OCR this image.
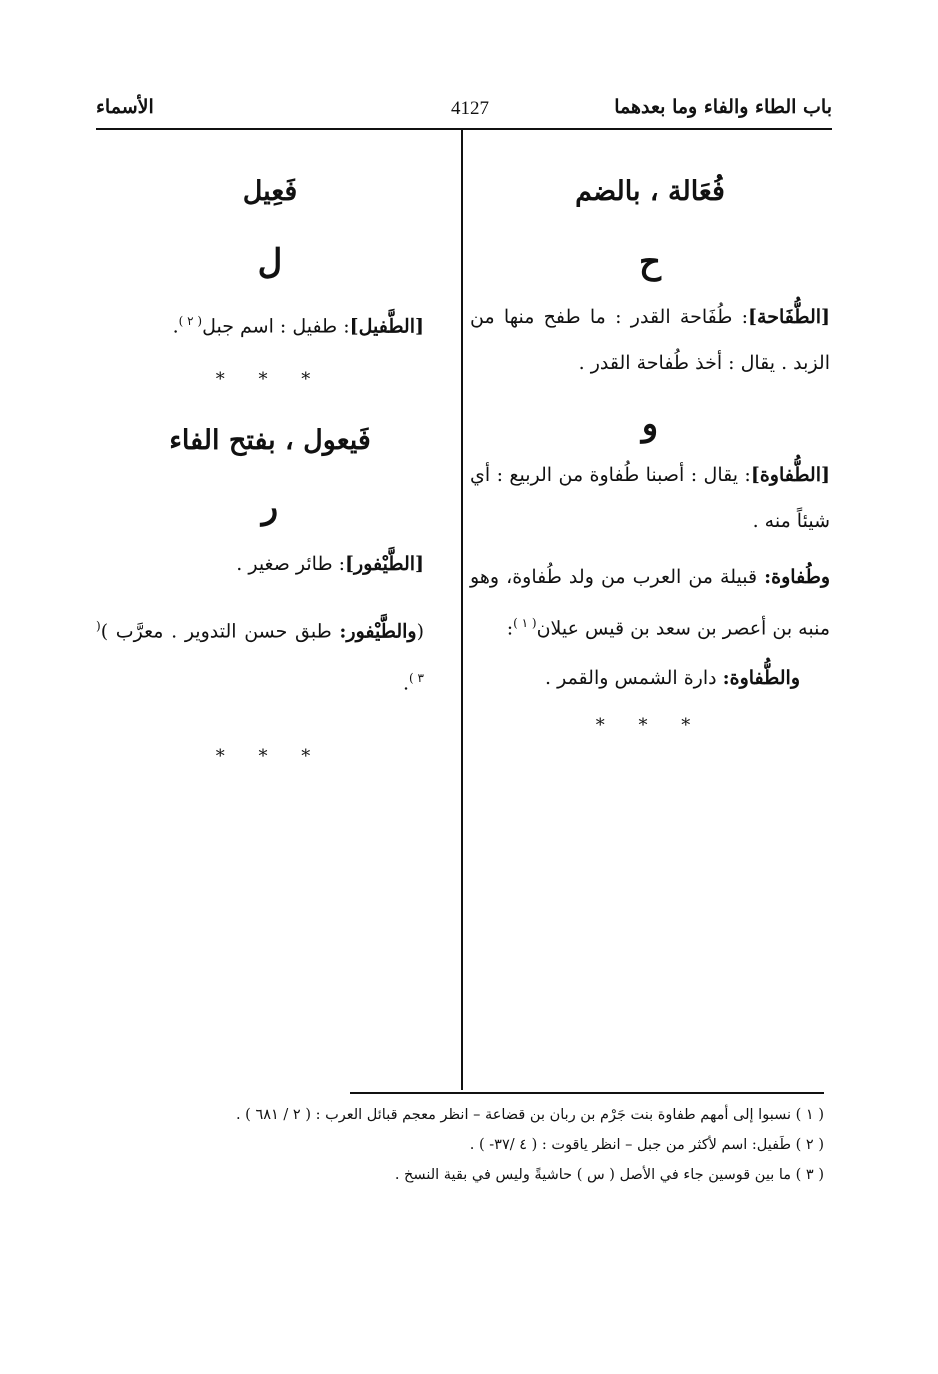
باب الطاء والفاء وما بعدهما
4127
الأسماء
فُعَالة ، بالضم
ح
[الطُّفَاحة]: طُفَاحة القدر : ما طفح منها من الزبد . يقال : أخذ طُفاحة القدر .
و
[الطُّفاوة]: يقال : أصبنا طُفاوة من الربيع : أي شيئاً منه .
وطُفاوة: قبيلة من العرب من ولد طُفاوة، وهو منبه بن أعصر بن سعد بن قيس عيلان$^{( ١ )}$:
والطُّفاوة: دارة الشمس والقمر .
* * *
فَعِيل
ل
[الطَّفيل]: طفيل : اسم جبل$^{( ٢ )}$.
* * *
فَيعول ، بفتح الفاء
ر
[الطَّيْفور]: طائر صغير .
(والطَّيْفور: طبق حسن التدوير . معرَّب )$^{( ٣ )}$.
* * *
( ١ ) نسبوا إلى أمهم طفاوة بنت جَرْم بن ربان بن قضاعة – انظر معجم قبائل العرب : ( ٢ / ٦٨١ ) .
( ٢ ) طَفيل: اسم لأكثر من جبل – انظر ياقوت : ( ٤ /٣٧- ) .
( ٣ ) ما بين قوسين جاء في الأصل ( س ) حاشيةً وليس في بقية النسخ .
